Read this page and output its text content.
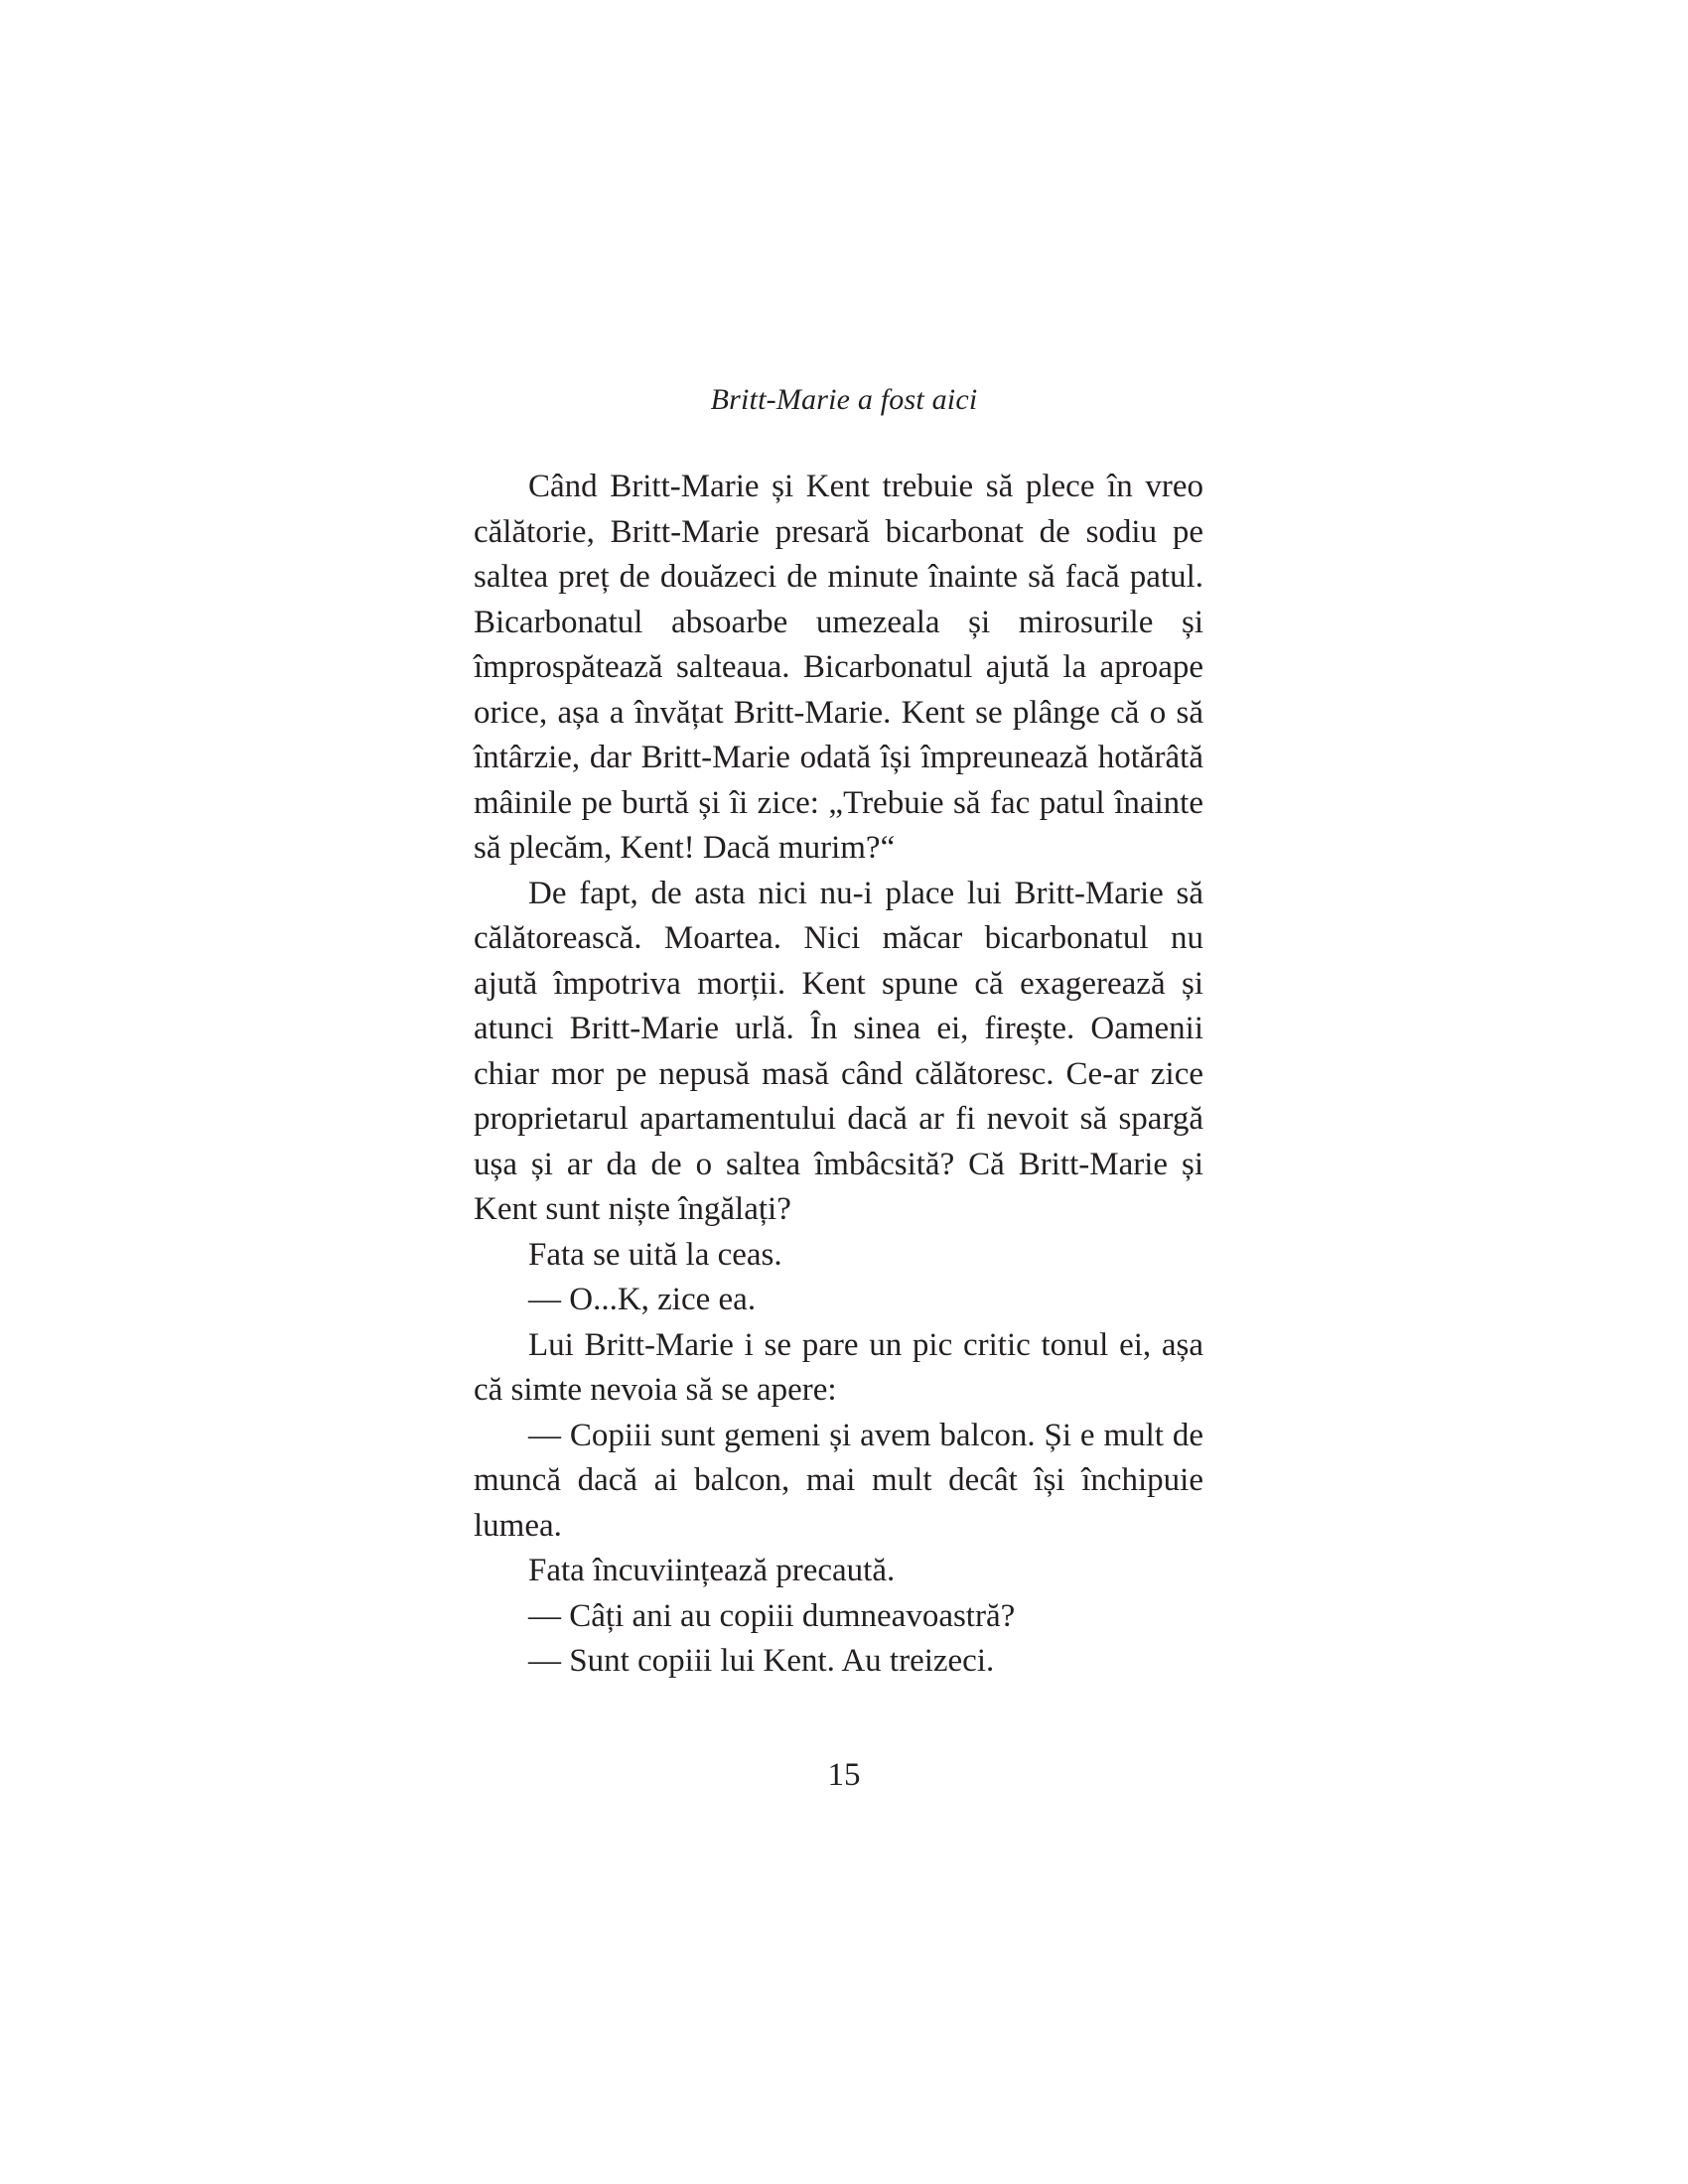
Britt-Marie a fost aici

Când Britt-Marie și Kent trebuie să plece în vreo călătorie, Britt-Marie presară bicarbonat de sodiu pe saltea preț de douăzeci de minute înainte să facă patul. Bicarbonatul absoarbe umezeala și mirosurile și împrospătează salteaua. Bicarbonatul ajută la aproape orice, așa a învățat Britt-Marie. Kent se plânge că o să întârzie, dar Britt-Marie odată își împreunează hotărâtă mâinile pe burtă și îi zice: „Trebuie să fac patul înainte să plecăm, Kent! Dacă murim?“

De fapt, de asta nici nu-i place lui Britt-Marie să călătorească. Moartea. Nici măcar bicarbonatul nu ajută împotriva morții. Kent spune că exagerează și atunci Britt-Marie urlă. În sinea ei, firește. Oamenii chiar mor pe nepusă masă când călătoresc. Ce-ar zice proprietarul apartamentului dacă ar fi nevoit să spargă ușa și ar da de o saltea îmbâcsită? Că Britt-Marie și Kent sunt niște îngălați?

Fata se uită la ceas.

— O...K, zice ea.

Lui Britt-Marie i se pare un pic critic tonul ei, așa că simte nevoia să se apere:

— Copiii sunt gemeni și avem balcon. Și e mult de muncă dacă ai balcon, mai mult decât își închipuie lumea.

Fata încuviințează precaută.

— Câți ani au copiii dumneavoastră?

— Sunt copiii lui Kent. Au treizeci.

15
